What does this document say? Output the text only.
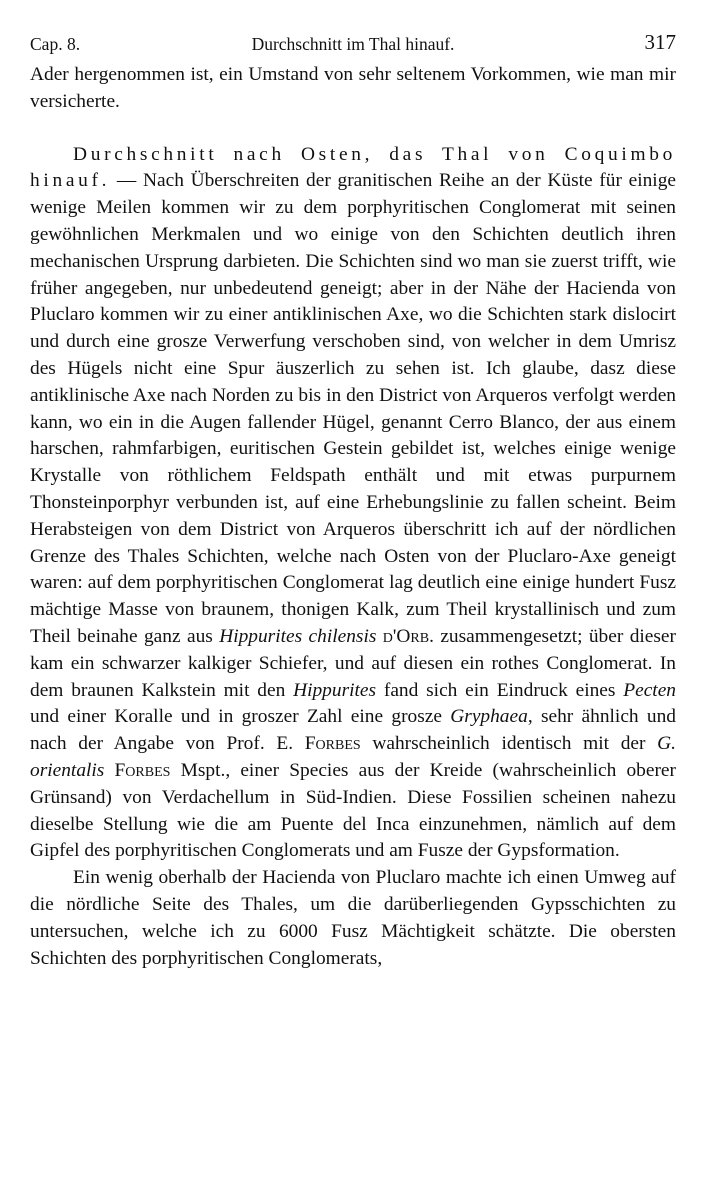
Cap. 8.	Durchschnitt im Thal hinauf.	317

Ader hergenommen ist, ein Umstand von sehr seltenem Vorkommen, wie man mir versicherte.

Durchschnitt nach Osten, das Thal von Coquimbo hinauf. — Nach Überschreiten der granitischen Reihe an der Küste für einige wenige Meilen kommen wir zu dem porphyritischen Conglomerat mit seinen gewöhnlichen Merkmalen und wo einige von den Schichten deutlich ihren mechanischen Ursprung darbieten. Die Schichten sind wo man sie zuerst trifft, wie früher angegeben, nur unbedeutend geneigt; aber in der Nähe der Hacienda von Pluclaro kommen wir zu einer antiklinischen Axe, wo die Schichten stark dislocirt und durch eine grosze Verwerfung verschoben sind, von welcher in dem Umrisz des Hügels nicht eine Spur äuszerlich zu sehen ist. Ich glaube, dasz diese antiklinische Axe nach Norden zu bis in den District von Arqueros verfolgt werden kann, wo ein in die Augen fallender Hügel, genannt Cerro Blanco, der aus einem harschen, rahmfarbigen, euritischen Gestein gebildet ist, welches einige wenige Krystalle von röthlichem Feldspath enthält und mit etwas purpurnem Thonsteinporphyr verbunden ist, auf eine Erhebungslinie zu fallen scheint. Beim Herabsteigen von dem District von Arqueros überschritt ich auf der nördlichen Grenze des Thales Schichten, welche nach Osten von der Pluclaro-Axe geneigt waren: auf dem porphyritischen Conglomerat lag deutlich eine einige hundert Fusz mächtige Masse von braunem, thonigen Kalk, zum Theil krystallinisch und zum Theil beinahe ganz aus Hippurites chilensis d'Orb. zusammengesetzt; über dieser kam ein schwarzer kalkiger Schiefer, und auf diesen ein rothes Conglomerat. In dem braunen Kalkstein mit den Hippurites fand sich ein Eindruck eines Pecten und einer Koralle und in groszer Zahl eine grosze Gryphaea, sehr ähnlich und nach der Angabe von Prof. E. Forbes wahrscheinlich identisch mit der G. orientalis Forbes Mspt., einer Species aus der Kreide (wahrscheinlich oberer Grünsand) von Verdachellum in Süd-Indien. Diese Fossilien scheinen nahezu dieselbe Stellung wie die am Puente del Inca einzunehmen, nämlich auf dem Gipfel des porphyritischen Conglomerats und am Fusze der Gypsformation.

Ein wenig oberhalb der Hacienda von Pluclaro machte ich einen Umweg auf die nördliche Seite des Thales, um die darüberliegenden Gypsschichten zu untersuchen, welche ich zu 6000 Fusz Mächtigkeit schätzte. Die obersten Schichten des porphyritischen Conglomerats,
